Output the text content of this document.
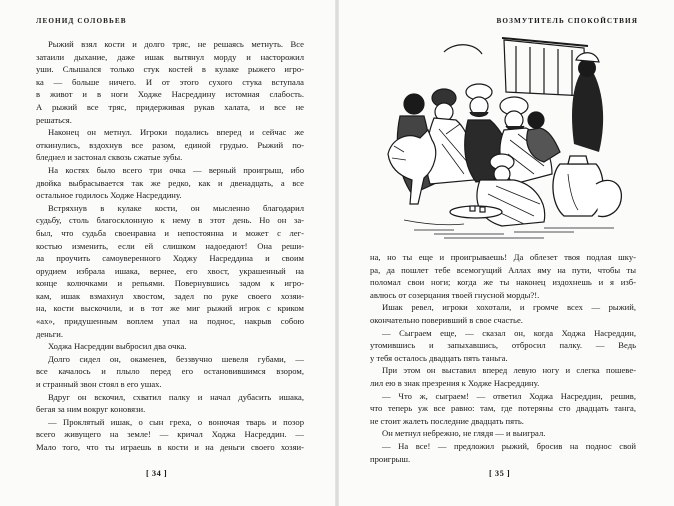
ЛЕОНИД СОЛОВЬЕВ
Рыжий взял кости и долго тряс, не решаясь метнуть. Все
затаили дыхание, даже ишак вытянул морду и насторожил
уши. Слышался только стук костей в кулаке рыжего игро-
ка — больше ничего. И от этого сухого стука вступала
в живот и в ноги Ходже Насреддину истомная слабость.
А рыжий все тряс, придерживая рукав халата, и все не
решаться.
Наконец он метнул. Игроки подались вперед и сейчас же
откинулись, вздохнув все разом, единой грудью. Рыжий по-
бледнел и застонал сквозь сжатые зубы.
На костях было всего три очка — верный проигрыш, ибо
двойка выбрасывается так же редко, как и двенадцать, а все
остальное годилось Ходже Насреддину.
Встряхнув в кулаке кости, он мысленно благодарил
судьбу, столь благосклонную к нему в этот день. Но он за-
был, что судьба своенравна и непостоянна и может с лег-
костью изменить, если ей слишком надоедают! Она реши-
ла проучить самоуверенного Ходжу Насреддина и своим
орудием избрала ишака, вернее, его хвост, украшенный на
конце колючками и репьями. Повернувшись задом к игро-
кам, ишак взмахнул хвостом, задел по руке своего хозяи-
на, кости выскочили, и в тот же миг рыжий игрок с криком
«ах», придушенным воплем упал на поднос, накрыв собою
деньги.
Ходжа Насреддин выбросил два очка.
Долго сидел он, окаменев, беззвучно шевеля губами, —
все качалось и плыло перед его остановившимся взором,
и странный звон стоял в его ушах.
Вдруг он вскочил, схватил палку и начал дубасить ишака,
бегая за ним вокруг коновязи.
— Проклятый ишак, о сын греха, о вонючая тварь и позор
всего живущего на земле! — кричал Ходжа Насреддин. —
Мало того, что ты играешь в кости и на деньги своего хозяи-
[ 34 ]
ВОЗМУТИТЕЛЬ СПОКОЙСТВИЯ
на, но ты еще и проигрываешь! Да облезет твоя подлая шку-
ра, да пошлет тебе всемогущий Аллах яму на пути, чтобы ты
поломал свои ноги; когда же ты наконец издохнешь и я изб-
авлюсь от созерцания твоей гнусной морды?!.
Ишак ревел, игроки хохотали, и громче всех — рыжий,
окончательно поверивший в свое счастье.
— Сыграем еще, — сказал он, когда Ходжа Насреддин,
утомившись и запыхавшись, отбросил палку. — Ведь
у тебя осталось двадцать пять таньга.
При этом он выставил вперед левую ногу и слегка пошеве-
лил ею в знак презрения к Ходже Насреддину.
— Что ж, сыграем! — ответил Ходжа Насреддин, решив,
что теперь уж все равно: там, где потеряны сто двадцать танга,
не стоит жалеть последние двадцать пять.
Он метнул небрежно, не глядя — и выиграл.
— На все! — предложил рыжий, бросив на поднос свой
проигрыш.
[ 35 ]
